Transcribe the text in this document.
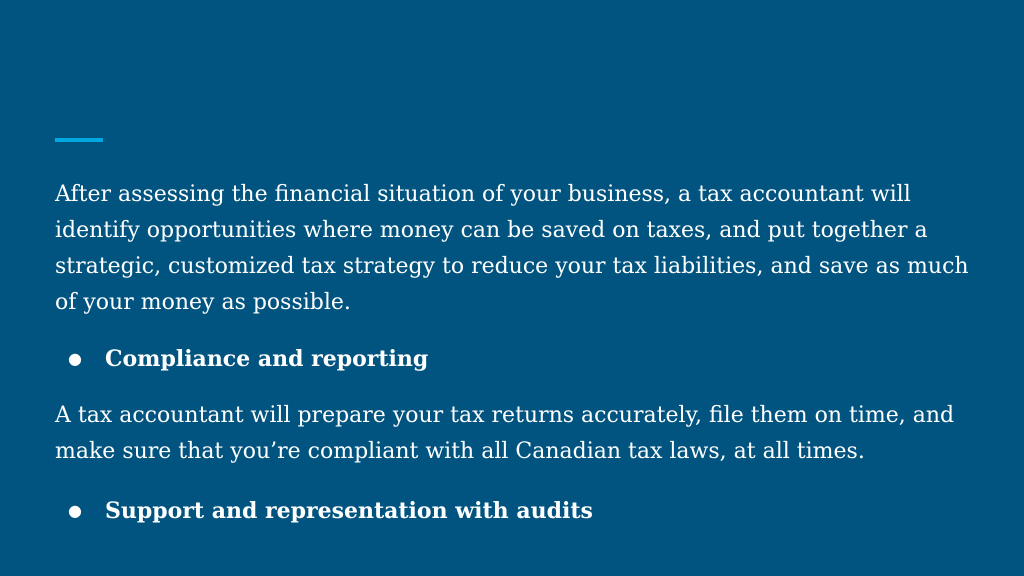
After assessing the financial situation of your business, a tax accountant will identify opportunities where money can be saved on taxes, and put together a strategic, customized tax strategy to reduce your tax liabilities, and save as much of your money as possible.

● Compliance and reporting

A tax accountant will prepare your tax returns accurately, file them on time, and make sure that you’re compliant with all Canadian tax laws, at all times.

● Support and representation with audits
